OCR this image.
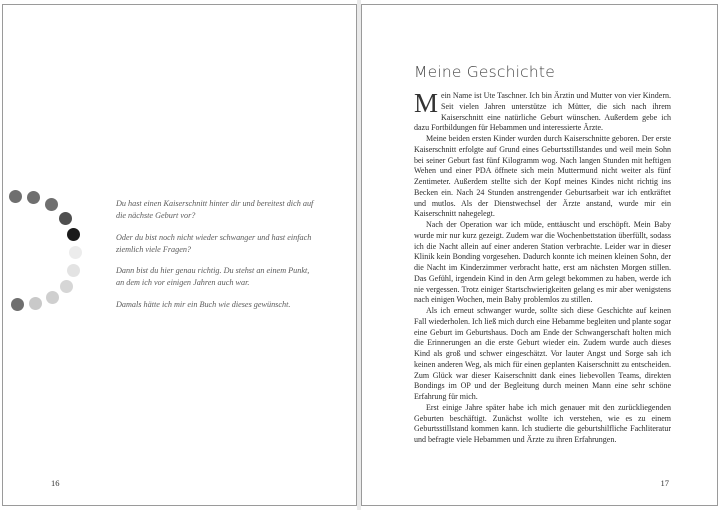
Du hast einen Kaiserschnitt hinter dir und bereitest dich auf die nächste Geburt vor?

Oder du bist noch nicht wieder schwanger und hast einfach ziemlich viele Fragen?

Dann bist du hier genau richtig. Du stehst an einem Punkt, an dem ich vor einigen Jahren auch war.

Damals hätte ich mir ein Buch wie dieses gewünscht.

16
Meine Geschichte

Mein Name ist Ute Taschner. Ich bin Ärztin und Mutter von vier Kindern. Seit vielen Jahren unterstütze ich Mütter, die sich nach ihrem Kaiserschnitt eine natürliche Geburt wünschen. Außerdem gebe ich dazu Fortbildungen für Hebammen und interessierte Ärzte.

Meine beiden ersten Kinder wurden durch Kaiserschnitte geboren. Der erste Kaiserschnitt erfolgte auf Grund eines Geburtsstillstandes und weil mein Sohn bei seiner Geburt fast fünf Kilogramm wog. Nach langen Stunden mit heftigen Wehen und einer PDA öffnete sich mein Muttermund nicht weiter als fünf Zentimeter. Außerdem stellte sich der Kopf meines Kindes nicht richtig ins Becken ein. Nach 24 Stunden anstrengender Geburtsarbeit war ich entkräftet und mutlos. Als der Dienstwechsel der Ärzte anstand, wurde mir ein Kaiserschnitt nahegelegt.

Nach der Operation war ich müde, enttäuscht und erschöpft. Mein Baby wurde mir nur kurz gezeigt. Zudem war die Wochenbettstation überfüllt, sodass ich die Nacht allein auf einer anderen Station verbrachte. Leider war in dieser Klinik kein Bonding vorgesehen. Dadurch konnte ich meinen kleinen Sohn, der die Nacht im Kinderzimmer verbracht hatte, erst am nächsten Morgen stillen. Das Gefühl, irgendein Kind in den Arm gelegt bekommen zu haben, werde ich nie vergessen. Trotz einiger Startschwierigkeiten gelang es mir aber wenigstens nach einigen Wochen, mein Baby problemlos zu stillen.

Als ich erneut schwanger wurde, sollte sich diese Geschichte auf keinen Fall wiederholen. Ich ließ mich durch eine Hebamme begleiten und plante sogar eine Geburt im Geburtshaus. Doch am Ende der Schwangerschaft holten mich die Erinnerungen an die erste Geburt wieder ein. Zudem wurde auch dieses Kind als groß und schwer eingeschätzt. Vor lauter Angst und Sorge sah ich keinen anderen Weg, als mich für einen geplanten Kaiserschnitt zu entscheiden. Zum Glück war dieser Kaiserschnitt dank eines liebevollen Teams, direkten Bondings im OP und der Begleitung durch meinen Mann eine sehr schöne Erfahrung für mich.

Erst einige Jahre später habe ich mich genauer mit den zurückliegenden Geburten beschäftigt. Zunächst wollte ich verstehen, wie es zu einem Geburtsstillstand kommen kann. Ich studierte die geburtshilfliche Fachliteratur und befragte viele Hebammen und Ärzte zu ihren Erfahrungen.

17
